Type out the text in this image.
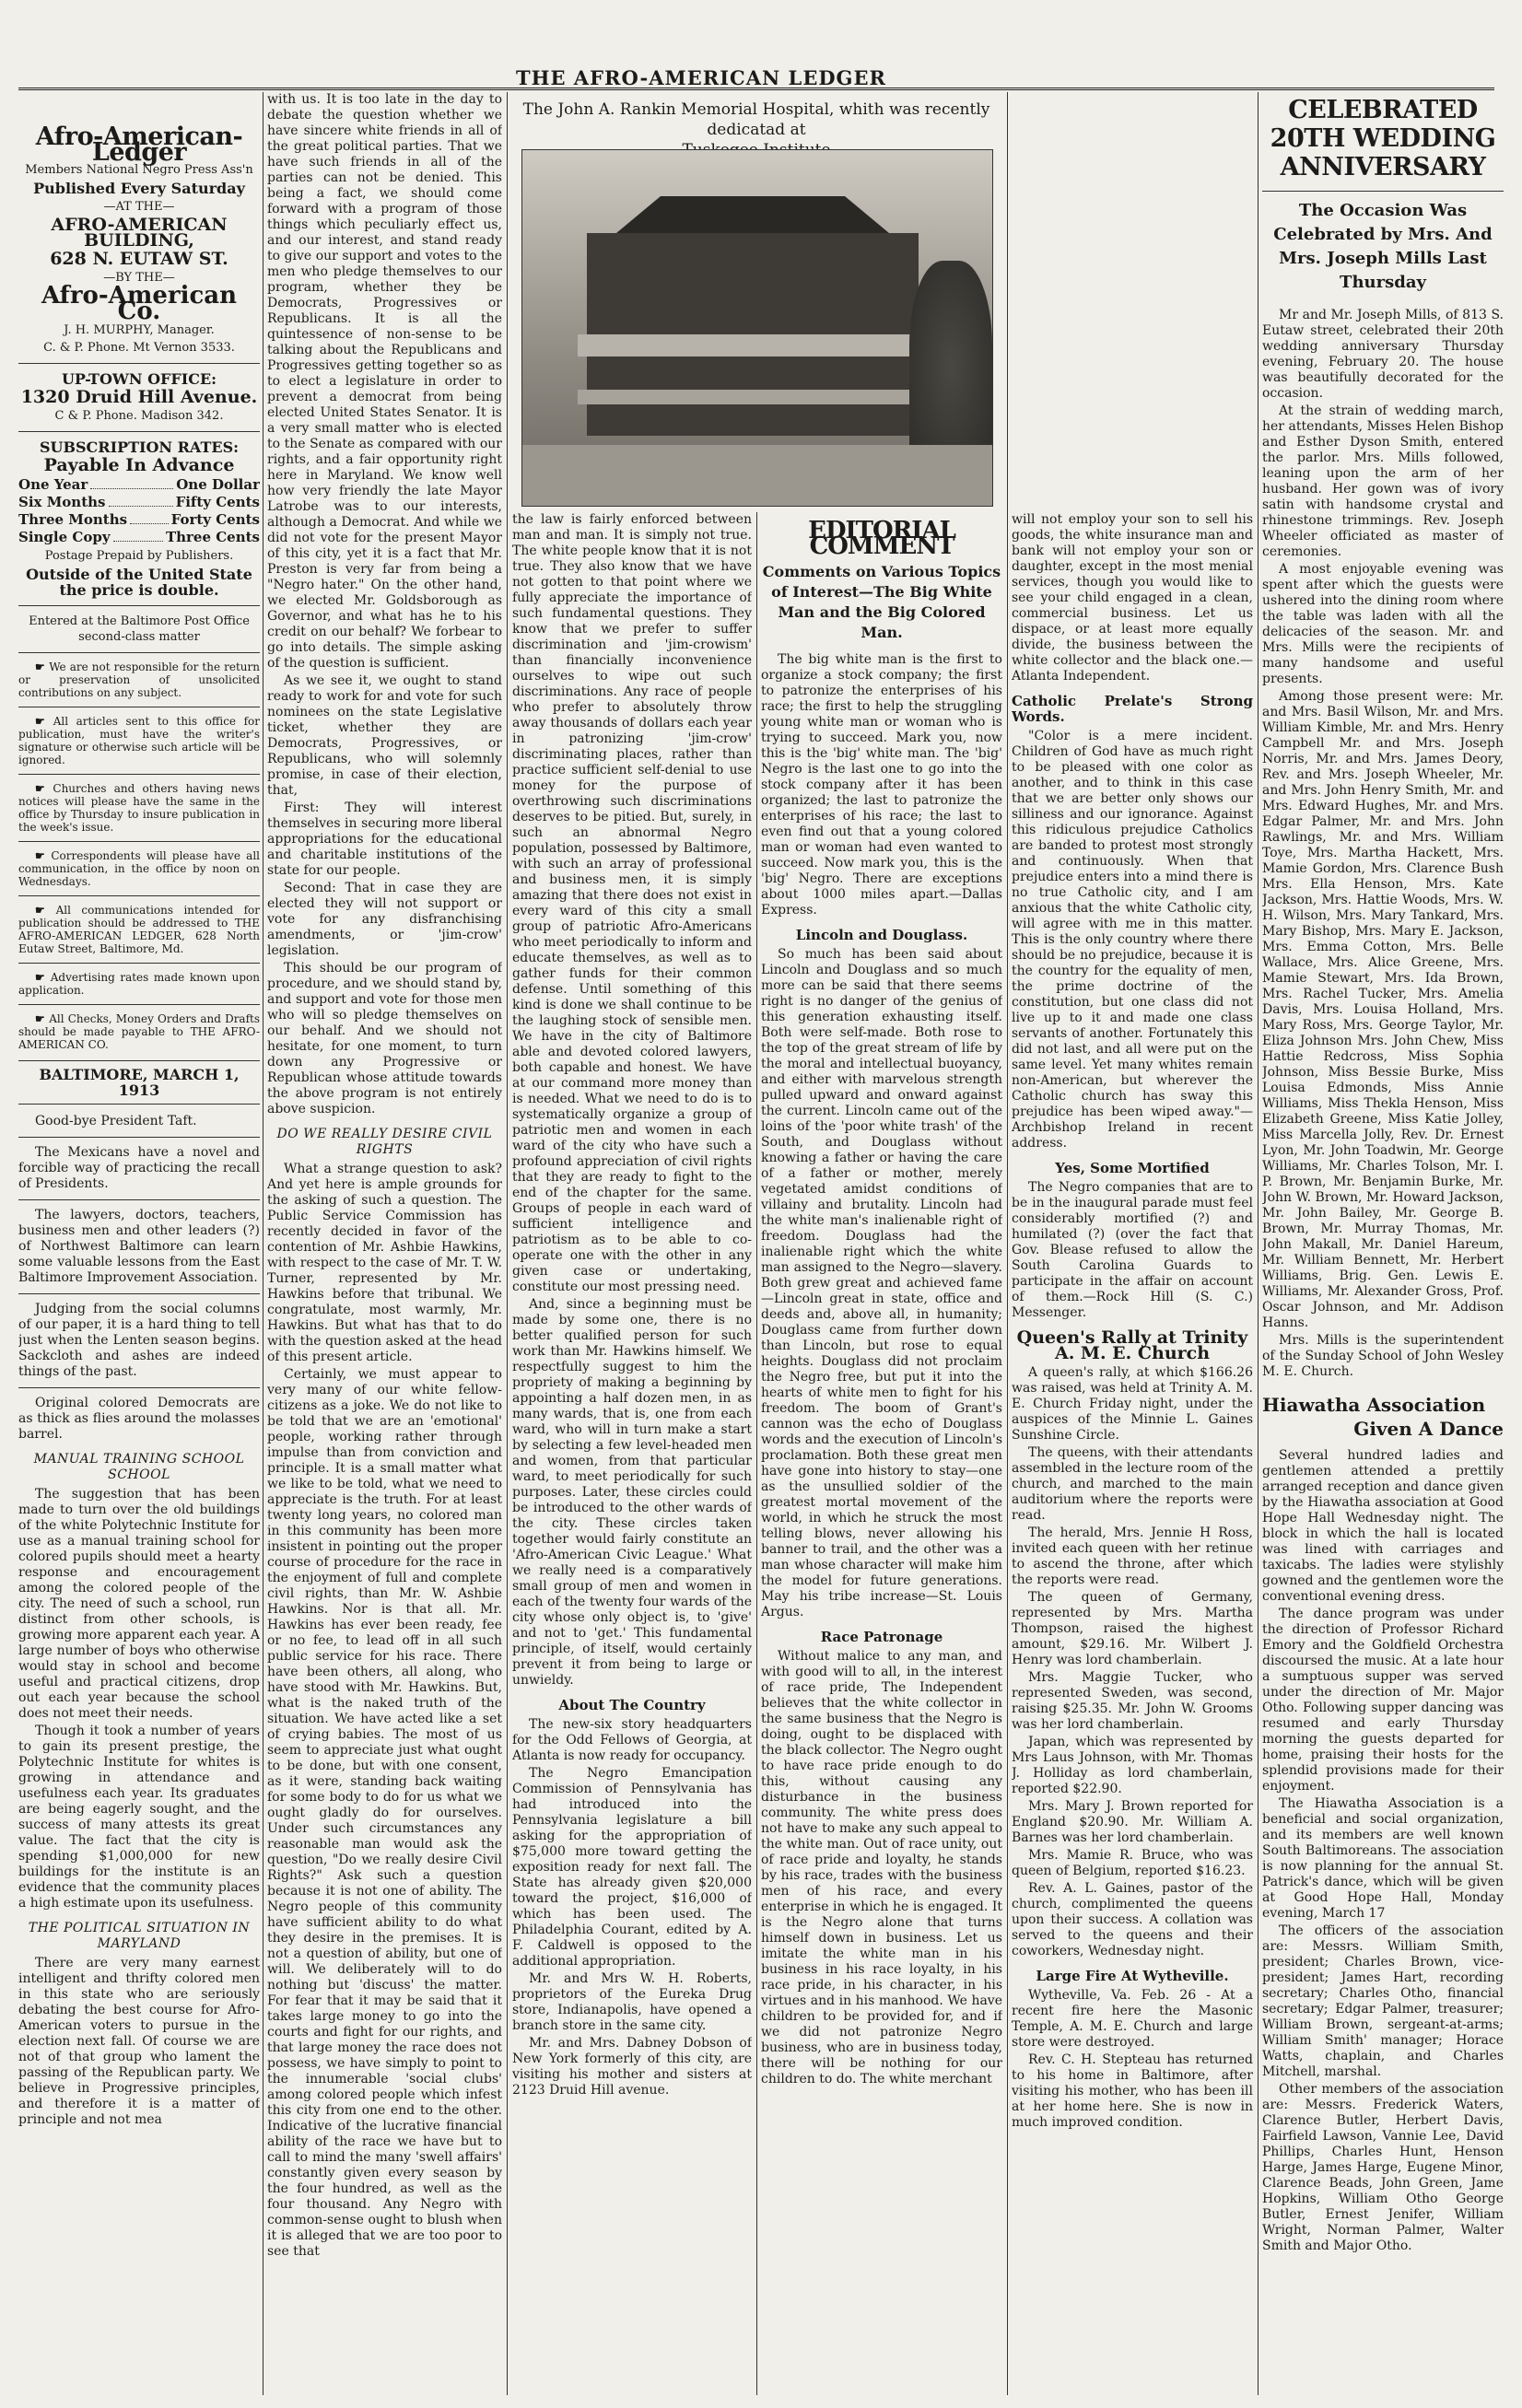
THE AFRO-AMERICAN LEDGER
Afro-American-Ledger
Members National Negro Press Ass'n
Published Every Saturday
—AT THE—
AFRO-AMERICAN BUILDING,
628 N. EUTAW ST.
—BY THE—
Afro-American Co.
J. H. MURPHY, Manager.
C. & P. Phone. Mt Vernon 3533.
UP-TOWN OFFICE:
1320 Druid Hill Avenue.
C & P. Phone. Madison 342.
SUBSCRIPTION RATES:
Payable In Advance
One Year	One Dollar
Six Months	Fifty Cents
Three Months	Forty Cents
Single Copy	Three Cents
Postage Prepaid by Publishers.
Outside of the United State the price is double.
Entered at the Baltimore Post Office second-class matter

☛ We are not responsible for the return or preservation of unsolicited contributions on any subject.

☛ All articles sent to this office for publication, must have the writer's signature or otherwise such article will be ignored.

☛ Churches and others having news notices will please have the same in the office by Thursday to insure publication in the week's issue.

☛ Correspondents will please have all communication, in the office by noon on Wednesdays.

☛ All communications intended for publication should be addressed to THE AFRO-AMERICAN LEDGER, 628 North Eutaw Street, Baltimore, Md.

☛ Advertising rates made known upon application.

☛ All Checks, Money Orders and Drafts should be made payable to THE AFRO-AMERICAN CO.

BALTIMORE, MARCH 1, 1913

Good-bye President Taft.

The Mexicans have a novel and forcible way of practicing the recall of Presidents.

The lawyers, doctors, teachers, business men and other leaders (?) of Northwest Baltimore can learn some valuable lessons from the East Baltimore Improvement Association.

Judging from the social columns of our paper, it is a hard thing to tell just when the Lenten season begins. Sackcloth and ashes are indeed things of the past.

Original colored Democrats are as thick as flies around the molasses barrel.

MANUAL TRAINING SCHOOL SCHOOL

The suggestion that has been made to turn over the old buildings of the white Polytechnic Institute for use as a manual training school for colored pupils should meet a hearty response and encouragement among the colored people of the city. The need of such a school, run distinct from other schools, is growing more apparent each year. A large number of boys who otherwise would stay in school and become useful and practical citizens, drop out each year because the school does not meet their needs.

Though it took a number of years to gain its present prestige, the Polytechnic Institute for whites is growing in attendance and usefulness each year. Its graduates are being eagerly sought, and the success of many attests its great value. The fact that the city is spending $1,000,000 for new buildings for the institute is an evidence that the community places a high estimate upon its usefulness.

THE POLITICAL SITUATION IN MARYLAND

There are very many earnest intelligent and thrifty colored men in this state who are seriously debating the best course for Afro-American voters to pursue in the election next fall. Of course we are not of that group who lament the passing of the Republican party. We believe in Progressive principles, and therefore it is a matter of principle and not mea

with us. It is too late in the day to debate the question whether we have sincere white friends in all of the great political parties. That we have such friends in all of the parties can not be denied. This being a fact, we should come forward with a program of those things which peculiarly effect us, and our interest, and stand ready to give our support and votes to the men who pledge themselves to our program, whether they be Democrats, Progressives or Republicans. It is all the quintessence of non-sense to be talking about the Republicans and Progressives getting together so as to elect a legislature in order to prevent a democrat from being elected United States Senator. It is a very small matter who is elected to the Senate as compared with our rights, and a fair opportunity right here in Maryland. We know well how very friendly the late Mayor Latrobe was to our interests, although a Democrat. And while we did not vote for the present Mayor of this city, yet it is a fact that Mr. Preston is very far from being a "Negro hater." On the other hand, we elected Mr. Goldsborough as Governor, and what has he to his credit on our behalf? We forbear to go into details. The simple asking of the question is sufficient.

As we see it, we ought to stand ready to work for and vote for such nominees on the state Legislative ticket, whether they are Democrats, Progressives, or Republicans, who will solemnly promise, in case of their election, that,

First: They will interest themselves in securing more liberal appropriations for the educational and charitable institutions of the state for our people.

Second: That in case they are elected they will not support or vote for any disfranchising amendments, or 'jim-crow' legislation.

This should be our program of procedure, and we should stand by, and support and vote for those men who will so pledge themselves on our behalf. And we should not hesitate, for one moment, to turn down any Progressive or Republican whose attitude towards the above program is not entirely above suspicion.

DO WE REALLY DESIRE CIVIL RIGHTS

What a strange question to ask? And yet here is ample grounds for the asking of such a question. The Public Service Commission has recently decided in favor of the contention of Mr. Ashbie Hawkins, with respect to the case of Mr. T. W. Turner, represented by Mr. Hawkins before that tribunal. We congratulate, most warmly, Mr. Hawkins. But what has that to do with the question asked at the head of this present article.

Certainly, we must appear to very many of our white fellow-citizens as a joke. We do not like to be told that we are an 'emotional' people, working rather through impulse than from conviction and principle. It is a small matter what we like to be told, what we need to appreciate is the truth. For at least twenty long years, no colored man in this community has been more insistent in pointing out the proper course of procedure for the race in the enjoyment of full and complete civil rights, than Mr. W. Ashbie Hawkins. Nor is that all. Mr. Hawkins has ever been ready, fee or no fee, to lead off in all such public service for his race. There have been others, all along, who have stood with Mr. Hawkins. But, what is the naked truth of the situation. We have acted like a set of crying babies. The most of us seem to appreciate just what ought to be done, but with one consent, as it were, standing back waiting for some body to do for us what we ought gladly do for ourselves. Under such circumstances any reasonable man would ask the question, "Do we really desire Civil Rights?" Ask such a question because it is not one of ability. The Negro people of this community have sufficient ability to do what they desire in the premises. It is not a question of ability, but one of will. We deliberately will to do nothing but 'discuss' the matter. For fear that it may be said that it takes large money to go into the courts and fight for our rights, and that large money the race does not possess, we have simply to point to the innumerable 'social clubs' among colored people which infest this city from one end to the other. Indicative of the lucrative financial ability of the race we have but to call to mind the many 'swell affairs' constantly given every season by the four hundred, as well as the four thousand. Any Negro with common-sense ought to blush when it is alleged that we are too poor to see that

The John A. Rankin Memorial Hospital, whith was recently dedicatad at

the law is fairly enforced between man and man. It is simply not true. The white people know that it is not true. They also know that we have not gotten to that point where we fully appreciate the importance of such fundamental questions. They know that we prefer to suffer discrimination and 'jim-crowism' than financially inconvenience ourselves to wipe out such discriminations. Any race of people who prefer to absolutely throw away thousands of dollars each year in patronizing 'jim-crow' discriminating places, rather than practice sufficient self-denial to use money for the purpose of overthrowing such discriminations deserves to be pitied. But, surely, in such an abnormal Negro population, possessed by Baltimore, with such an array of professional and business men, it is simply amazing that there does not exist in every ward of this city a small group of patriotic Afro-Americans who meet periodically to inform and educate themselves, as well as to gather funds for their common defense. Until something of this kind is done we shall continue to be the laughing stock of sensible men. We have in the city of Baltimore able and devoted colored lawyers, both capable and honest. We have at our command more money than is needed. What we need to do is to systematically organize a group of patriotic men and women in each ward of the city who have such a profound appreciation of civil rights that they are ready to fight to the end of the chapter for the same. Groups of people in each ward of sufficient intelligence and patriotism as to be able to co-operate one with the other in any given case or undertaking, constitute our most pressing need.

And, since a beginning must be made by some one, there is no better qualified person for such work than Mr. Hawkins himself. We respectfully suggest to him the propriety of making a beginning by appointing a half dozen men, in as many wards, that is, one from each ward, who will in turn make a start by selecting a few level-headed men and women, from that particular ward, to meet periodically for such purposes. Later, these circles could be introduced to the other wards of the city. These circles taken together would fairly constitute an 'Afro-American Civic League.' What we really need is a comparatively small group of men and women in each of the twenty four wards of the city whose only object is, to 'give' and not to 'get.' This fundamental principle, of itself, would certainly prevent it from being to large or unwieldy.

About The Country

The new-six story headquarters for the Odd Fellows of Georgia, at Atlanta is now ready for occupancy.

The Negro Emancipation Commission of Pennsylvania has had introduced into the Pennsylvania legislature a bill asking for the appropriation of $75,000 more toward getting the exposition ready for next fall. The State has already given $20,000 toward the project, $16,000 of which has been used. The Philadelphia Courant, edited by A. F. Caldwell is opposed to the additional appropriation.

Mr. and Mrs W. H. Roberts, proprietors of the Eureka Drug store, Indianapolis, have opened a branch store in the same city.

Mr. and Mrs. Dabney Dobson of New York formerly of this city, are visiting his mother and sisters at 2123 Druid Hill avenue.

EDITORIAL COMMENT
Comments on Various Topics of Interest—The Big White Man and the Big Colored Man.

The big white man is the first to organize a stock company; the first to patronize the enterprises of his race; the first to help the struggling young white man or woman who is trying to succeed. Mark you, now this is the 'big' white man. The 'big' Negro is the last one to go into the stock company after it has been organized; the last to patronize the enterprises of his race; the last to even find out that a young colored man or woman had even wanted to succeed. Now mark you, this is the 'big' Negro. There are exceptions about 1000 miles apart.—Dallas Express.

Lincoln and Douglass.

So much has been said about Lincoln and Douglass and so much more can be said that there seems right is no danger of the genius of this generation exhausting itself. Both were self-made. Both rose to the top of the great stream of life by the moral and intellectual buoyancy, and either with marvelous strength pulled upward and onward against the current. Lincoln came out of the loins of the 'poor white trash' of the South, and Douglass without knowing a father or having the care of a father or mother, merely vegetated amidst conditions of villainy and brutality. Lincoln had the white man's inalienable right of freedom. Douglass had the inalienable right which the white man assigned to the Negro—slavery. Both grew great and achieved fame—Lincoln great in state, office and deeds and, above all, in humanity; Douglass came from further down than Lincoln, but rose to equal heights. Douglass did not proclaim the Negro free, but put it into the hearts of white men to fight for his freedom. The boom of Grant's cannon was the echo of Douglass words and the execution of Lincoln's proclamation. Both these great men have gone into history to stay—one as the unsullied soldier of the greatest mortal movement of the world, in which he struck the most telling blows, never allowing his banner to trail, and the other was a man whose character will make him the model for future generations. May his tribe increase—St. Louis Argus.

Race Patronage

Without malice to any man, and with good will to all, in the interest of race pride, The Independent believes that the white collector in the same business that the Negro is doing, ought to be displaced with the black collector. The Negro ought to have race pride enough to do this, without causing any disturbance in the business community. The white press does not have to make any such appeal to the white man. Out of race unity, out of race pride and loyalty, he stands by his race, trades with the business men of his race, and every enterprise in which he is engaged. It is the Negro alone that turns himself down in business. Let us imitate the white man in his business in his race loyalty, in his race pride, in his character, in his virtues and in his manhood. We have children to be provided for, and if we did not patronize Negro business, who are in business today, there will be nothing for our children to do. The white merchant

will not employ your son to sell his goods, the white insurance man and bank will not employ your son or daughter, except in the most menial services, though you would like to see your child engaged in a clean, commercial business. Let us dispace, or at least more equally divide, the business between the white collector and the black one.—Atlanta Independent.

Catholic Prelate's Strong Words.

"Color is a mere incident. Children of God have as much right to be pleased with one color as another, and to think in this case that we are better only shows our silliness and our ignorance. Against this ridiculous prejudice Catholics are banded to protest most strongly and continuously. When that prejudice enters into a mind there is no true Catholic city, and I am anxious that the white Catholic city, will agree with me in this matter. This is the only country where there should be no prejudice, because it is the country for the equality of men, the prime doctrine of the constitution, but one class did not live up to it and made one class servants of another. Fortunately this did not last, and all were put on the same level. Yet many whites remain non-American, but wherever the Catholic church has sway this prejudice has been wiped away."—Archbishop Ireland in recent address.

Yes, Some Mortified

The Negro companies that are to be in the inaugural parade must feel considerably mortified (?) and humilated (?) (over the fact that Gov. Blease refused to allow the South Carolina Guards to participate in the affair on account of them.—Rock Hill (S. C.) Messenger.

Queen's Rally at Trinity A. M. E. Church

A queen's rally, at which $166.26 was raised, was held at Trinity A. M. E. Church Friday night, under the auspices of the Minnie L. Gaines Sunshine Circle.

The queens, with their attendants assembled in the lecture room of the church, and marched to the main auditorium where the reports were read.

The herald, Mrs. Jennie H Ross, invited each queen with her retinue to ascend the throne, after which the reports were read.

The queen of Germany, represented by Mrs. Martha Thompson, raised the highest amount, $29.16. Mr. Wilbert J. Henry was lord chamberlain.

Mrs. Maggie Tucker, who represented Sweden, was second, raising $25.35. Mr. John W. Grooms was her lord chamberlain.

Japan, which was represented by Mrs Laus Johnson, with Mr. Thomas J. Holliday as lord chamberlain, reported $22.90.

Mrs. Mary J. Brown reported for England $20.90. Mr. William A. Barnes was her lord chamberlain.

Mrs. Mamie R. Bruce, who was queen of Belgium, reported $16.23.

Rev. A. L. Gaines, pastor of the church, complimented the queens upon their success. A collation was served to the queens and their coworkers, Wednesday night.

Large Fire At Wytheville.

Wytheville, Va. Feb. 26 - At a recent fire here the Masonic Temple, A. M. E. Church and large store were destroyed.

Rev. C. H. Stepteau has returned to his home in Baltimore, after visiting his mother, who has been ill at her home here. She is now in much improved condition.

CELEBRATED 20TH WEDDING ANNIVERSARY
The Occasion Was Celebrated by Mrs. And Mrs. Joseph Mills Last Thursday

Mr and Mr. Joseph Mills, of 813 S. Eutaw street, celebrated their 20th wedding anniversary Thursday evening, February 20. The house was beautifully decorated for the occasion.

At the strain of wedding march, her attendants, Misses Helen Bishop and Esther Dyson Smith, entered the parlor. Mrs. Mills followed, leaning upon the arm of her husband. Her gown was of ivory satin with handsome crystal and rhinestone trimmings. Rev. Joseph Wheeler officiated as master of ceremonies.

A most enjoyable evening was spent after which the guests were ushered into the dining room where the table was laden with all the delicacies of the season. Mr. and Mrs. Mills were the recipients of many handsome and useful presents.

Among those present were: Mr. and Mrs. Basil Wilson, Mr. and Mrs. William Kimble, Mr. and Mrs. Henry Campbell Mr. and Mrs. Joseph Norris, Mr. and Mrs. James Deory, Rev. and Mrs. Joseph Wheeler, Mr. and Mrs. John Henry Smith, Mr. and Mrs. Edward Hughes, Mr. and Mrs. Edgar Palmer, Mr. and Mrs. John Rawlings, Mr. and Mrs. William Toye, Mrs. Martha Hackett, Mrs. Mamie Gordon, Mrs. Clarence Bush Mrs. Ella Henson, Mrs. Kate Jackson, Mrs. Hattie Woods, Mrs. W. H. Wilson, Mrs. Mary Tankard, Mrs. Mary Bishop, Mrs. Mary E. Jackson, Mrs. Emma Cotton, Mrs. Belle Wallace, Mrs. Alice Greene, Mrs. Mamie Stewart, Mrs. Ida Brown, Mrs. Rachel Tucker, Mrs. Amelia Davis, Mrs. Louisa Holland, Mrs. Mary Ross, Mrs. George Taylor, Mr. Eliza Johnson Mrs. John Chew, Miss Hattie Redcross, Miss Sophia Johnson, Miss Bessie Burke, Miss Louisa Edmonds, Miss Annie Williams, Miss Thekla Henson, Miss Elizabeth Greene, Miss Katie Jolley, Miss Marcella Jolly, Rev. Dr. Ernest Lyon, Mr. John Toadwin, Mr. George Williams, Mr. Charles Tolson, Mr. I. P. Brown, Mr. Benjamin Burke, Mr. John W. Brown, Mr. Howard Jackson, Mr. John Bailey, Mr. George B. Brown, Mr. Murray Thomas, Mr. John Makall, Mr. Daniel Hareum, Mr. William Bennett, Mr. Herbert Williams, Brig. Gen. Lewis E. Williams, Mr. Alexander Gross, Prof. Oscar Johnson, and Mr. Addison Hanns.

Mrs. Mills is the superintendent of the Sunday School of John Wesley M. E. Church.

Hiawatha Association
Given A Dance

Several hundred ladies and gentlemen attended a prettily arranged reception and dance given by the Hiawatha association at Good Hope Hall Wednesday night. The block in which the hall is located was lined with carriages and taxicabs. The ladies were stylishly gowned and the gentlemen wore the conventional evening dress.

The dance program was under the direction of Professor Richard Emory and the Goldfield Orchestra discoursed the music. At a late hour a sumptuous supper was served under the direction of Mr. Major Otho. Following supper dancing was resumed and early Thursday morning the guests departed for home, praising their hosts for the splendid provisions made for their enjoyment.

The Hiawatha Association is a beneficial and social organization, and its members are well known South Baltimoreans. The association is now planning for the annual St. Patrick's dance, which will be given at Good Hope Hall, Monday evening, March 17

The officers of the association are: Messrs. William Smith, president; Charles Brown, vice-president; James Hart, recording secretary; Charles Otho, financial secretary; Edgar Palmer, treasurer; William Brown, sergeant-at-arms; William Smith' manager; Horace Watts, chaplain, and Charles Mitchell, marshal.

Other members of the association are: Messrs. Frederick Waters, Clarence Butler, Herbert Davis, Fairfield Lawson, Vannie Lee, David Phillips, Charles Hunt, Henson Harge, James Harge, Eugene Minor, Clarence Beads, John Green, Jame Hopkins, William Otho George Butler, Ernest Jenifer, William Wright, Norman Palmer, Walter Smith and Major Otho.
